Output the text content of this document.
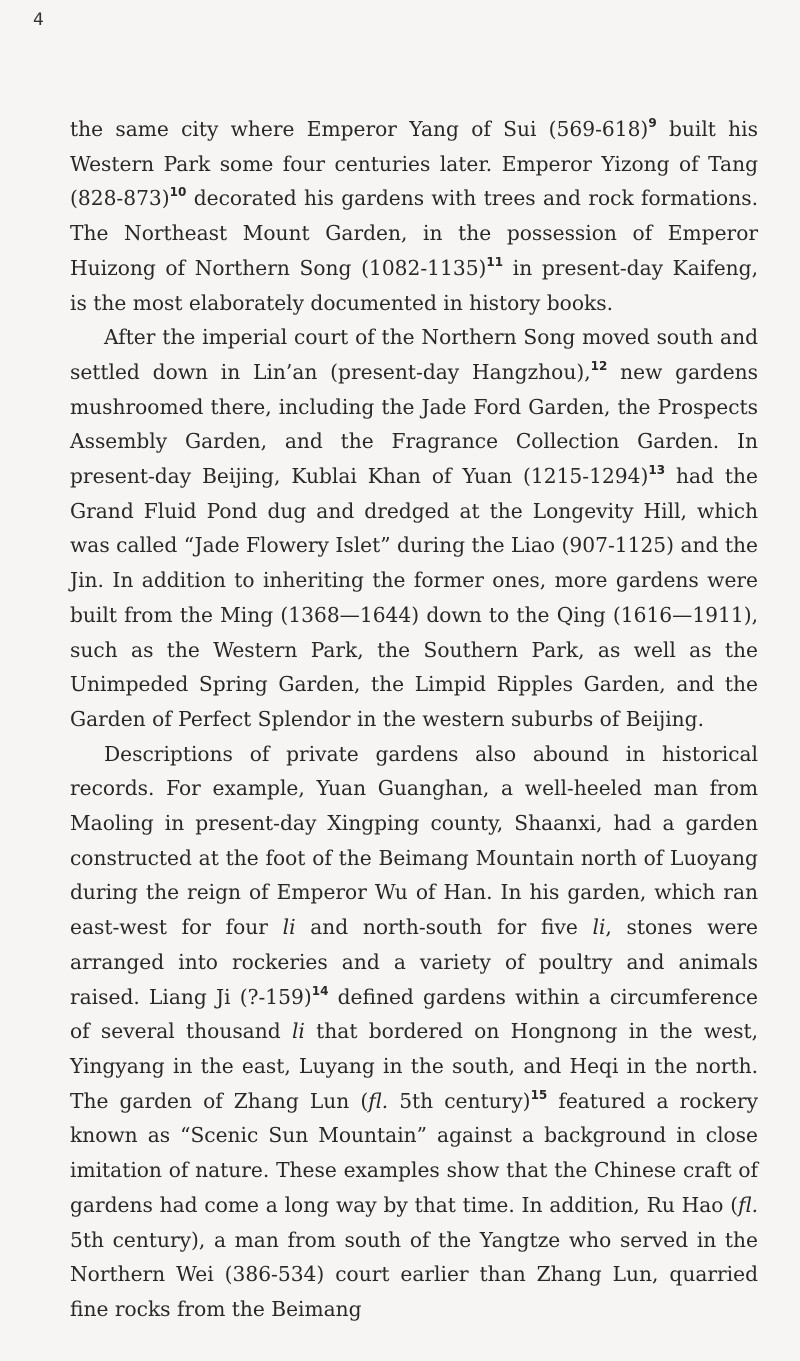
4

the same city where Emperor Yang of Sui $(569-618)^9$ built his Western Park some four centuries later. Emperor Yizong of Tang $(828-873)^{10}$ decorated his gardens with trees and rock formations. The Northeast Mount Garden, in the possession of Emperor Huizong of Northern Song (1082-1135)$^{11}$ in present-day Kaifeng, is the most elaborately documented in history books.

After the imperial court of the Northern Song moved south and settled down in Lin’an (present-day Hangzhou),$^{12}$ new gardens mushroomed there, including the Jade Ford Garden, the Prospects Assembly Garden, and the Fragrance Collection Garden. In present-day Beijing, Kublai Khan of Yuan (1215-1294)$^{13}$ had the Grand Fluid Pond dug and dredged at the Longevity Hill, which was called “Jade Flowery Islet” during the Liao (907-1125) and the Jin. In addition to inheriting the former ones, more gardens were built from the Ming (1368—1644) down to the Qing (1616—1911), such as the Western Park, the Southern Park, as well as the Unimpeded Spring Garden, the Limpid Ripples Garden, and the Garden of Perfect Splendor in the western suburbs of Beijing.

Descriptions of private gardens also abound in historical records. For example, Yuan Guanghan, a well-heeled man from Maoling in present-day Xingping county, Shaanxi, had a garden constructed at the foot of the Beimang Mountain north of Luoyang during the reign of Emperor Wu of Han. In his garden, which ran east-west for four li and north-south for five li, stones were arranged into rockeries and a variety of poultry and animals raised. Liang Ji (?-159)$^{14}$ defined gardens within a circumference of several thousand li that bordered on Hongnong in the west, Yingyang in the east, Luyang in the south, and Heqi in the north. The garden of Zhang Lun (fl. 5th century)$^{15}$ featured a rockery known as “Scenic Sun Mountain” against a background in close imitation of nature. These examples show that the Chinese craft of gardens had come a long way by that time. In addition, Ru Hao (fl. 5th century), a man from south of the Yangtze who served in the Northern Wei (386-534) court earlier than Zhang Lun, quarried fine rocks from the Beimang
